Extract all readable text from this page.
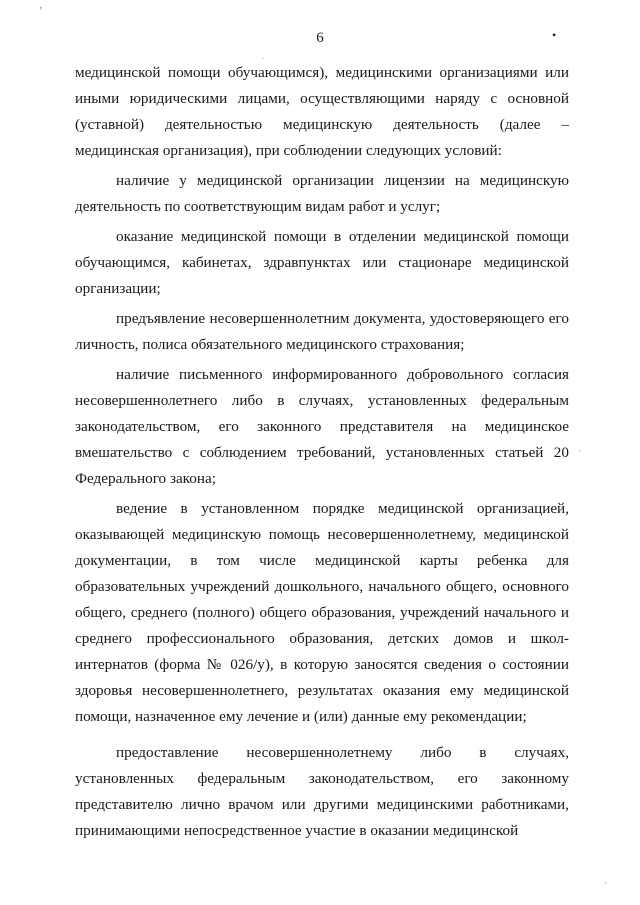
'
•
.
·
·
6

медицинской помощи обучающимся), медицинскими организациями или иными юридическими лицами, осуществляющими наряду с основной (уставной) деятельностью медицинскую деятельность (далее – медицинская организация), при соблюдении следующих условий:

наличие у медицинской организации лицензии на медицинскую деятельность по соответствующим видам работ и услуг;

оказание медицинской помощи в отделении медицинской помощи обучающимся, кабинетах, здравпунктах или стационаре медицинской организации;

предъявление несовершеннолетним документа, удостоверяющего его личность, полиса обязательного медицинского страхования;

наличие письменного информированного добровольного согласия несовершеннолетнего либо в случаях, установленных федеральным законодательством, его законного представителя на медицинское вмешательство с соблюдением требований, установленных статьей 20 Федерального закона;

ведение в установленном порядке медицинской организацией, оказывающей медицинскую помощь несовершеннолетнему, медицинской документации, в том числе медицинской карты ребенка для образовательных учреждений дошкольного, начального общего, основного общего, среднего (полного) общего образования, учреждений начального и среднего профессионального образования, детских домов и школ-интернатов (форма № 026/у), в которую заносятся сведения о состоянии здоровья несовершеннолетнего, результатах оказания ему медицинской помощи, назначенное ему лечение и (или) данные ему рекомендации;

предоставление несовершеннолетнему либо в случаях, установленных федеральным законодательством, его законному представителю лично врачом или другими медицинскими работниками, принимающими непосредственное участие в оказании медицинской
